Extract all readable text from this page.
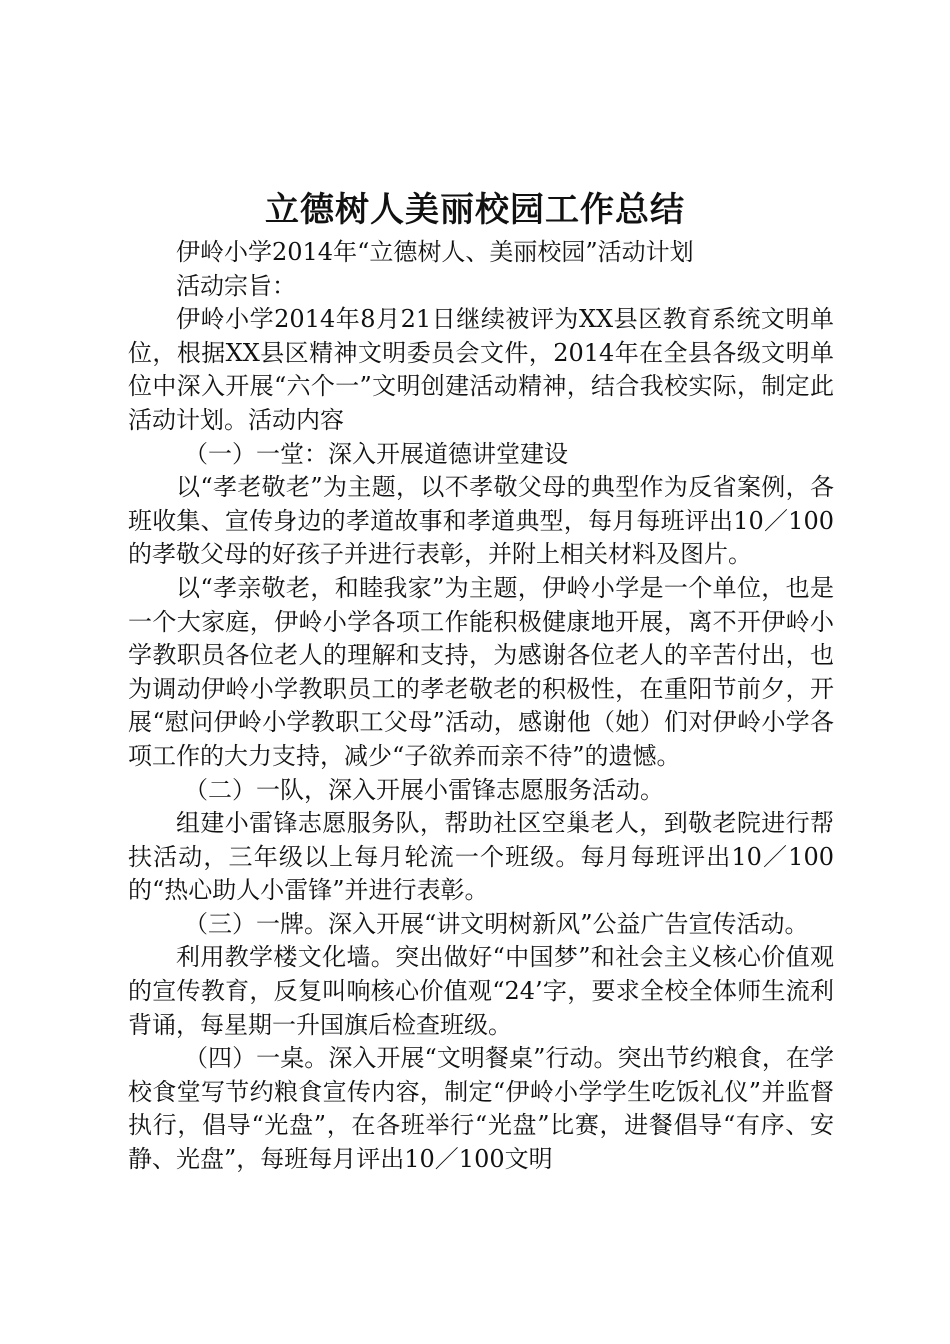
立德树人美丽校园工作总结

伊岭小学2014年“立德树人、美丽校园”活动计划

活动宗旨：

伊岭小学2014年8月21日继续被评为XX县区教育系统文明单位，根据XX县区精神文明委员会文件，2014年在全县各级文明单位中深入开展“六个一”文明创建活动精神，结合我校实际，制定此活动计划。活动内容

（一）一堂：深入开展道德讲堂建设

以“孝老敬老”为主题，以不孝敬父母的典型作为反省案例，各班收集、宣传身边的孝道故事和孝道典型，每月每班评出10／100的孝敬父母的好孩子并进行表彰，并附上相关材料及图片。

以“孝亲敬老，和睦我家”为主题，伊岭小学是一个单位，也是一个大家庭，伊岭小学各项工作能积极健康地开展，离不开伊岭小学教职员各位老人的理解和支持，为感谢各位老人的辛苦付出，也为调动伊岭小学教职员工的孝老敬老的积极性，在重阳节前夕，开展“慰问伊岭小学教职工父母”活动，感谢他（她）们对伊岭小学各项工作的大力支持，减少“子欲养而亲不待”的遗憾。

（二）一队，深入开展小雷锋志愿服务活动。

组建小雷锋志愿服务队，帮助社区空巢老人，到敬老院进行帮扶活动，三年级以上每月轮流一个班级。每月每班评出10／100的“热心助人小雷锋”并进行表彰。

（三）一牌。深入开展“讲文明树新风”公益广告宣传活动。

利用教学楼文化墙。突出做好“中国梦”和社会主义核心价值观的宣传教育，反复叫响核心价值观“24’字，要求全校全体师生流利背诵，每星期一升国旗后检查班级。

（四）一桌。深入开展“文明餐桌”行动。突出节约粮食，在学校食堂写节约粮食宣传内容，制定“伊岭小学学生吃饭礼仪”并监督执行，倡导“光盘”，在各班举行“光盘”比赛，进餐倡导“有序、安静、光盘”，每班每月评出10／100文明
